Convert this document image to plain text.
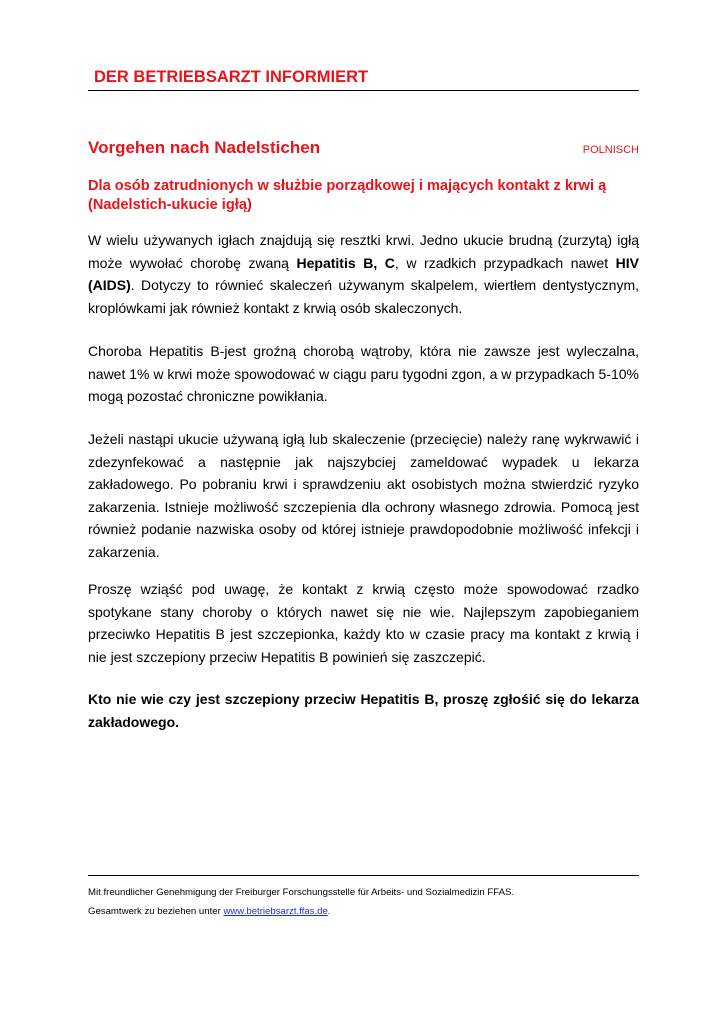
DER BETRIEBSARZT INFORMIERT
Vorgehen nach Nadelstichen	POLNISCH
Dla osób zatrudnionych w służbie porządkowej i mających kontakt z krwi ą (Nadelstich-ukucie igłą)
W wielu używanych igłach znajdują się resztki krwi. Jedno ukucie brudną (zurzytą) igłą może wywołać chorobę zwaną Hepatitis B, C, w rzadkich przypadkach nawet HIV (AIDS). Dotyczy to równieć skaleczeń używanym skalpelem, wiertłem dentystycznym, kroplówkami jak również kontakt z krwią osób skaleczonych.
Choroba Hepatitis B-jest groźną chorobą wątroby, która nie zawsze jest wyleczalna, nawet 1% w krwi może spowodować w ciągu paru tygodni zgon, a w przypadkach 5-10% mogą pozostać chroniczne powikłania.
Jeżeli nastąpi ukucie używaną igłą lub skaleczenie (przecięcie) należy ranę wykrwawić i zdezynfekować a następnie jak najszybciej zameldować wypadek u lekarza zakładowego. Po pobraniu krwi i sprawdzeniu akt osobistych można stwierdzić ryzyko zakarzenia. Istnieje możliwość szczepienia dla ochrony własnego zdrowia. Pomocą jest również podanie nazwiska osoby od której istnieje prawdopodobnie możliwość infekcji i zakarzenia.
Proszę wziąść pod uwagę, że kontakt z krwią często może spowodować rzadko spotykane stany choroby o których nawet się nie wie. Najlepszym zapobieganiem przeciwko Hepatitis B jest szczepionka, każdy kto w czasie pracy ma kontakt z krwią i nie jest szczepiony przeciw Hepatitis B powinień się zaszczepić.
Kto nie wie czy jest szczepiony przeciw Hepatitis B, proszę zgłośić się do lekarza zakładowego.
Mit freundlicher Genehmigung der Freiburger Forschungsstelle für Arbeits- und Sozialmedizin FFAS.
Gesamtwerk zu beziehen unter www.betriebsarzt.ffas.de.
